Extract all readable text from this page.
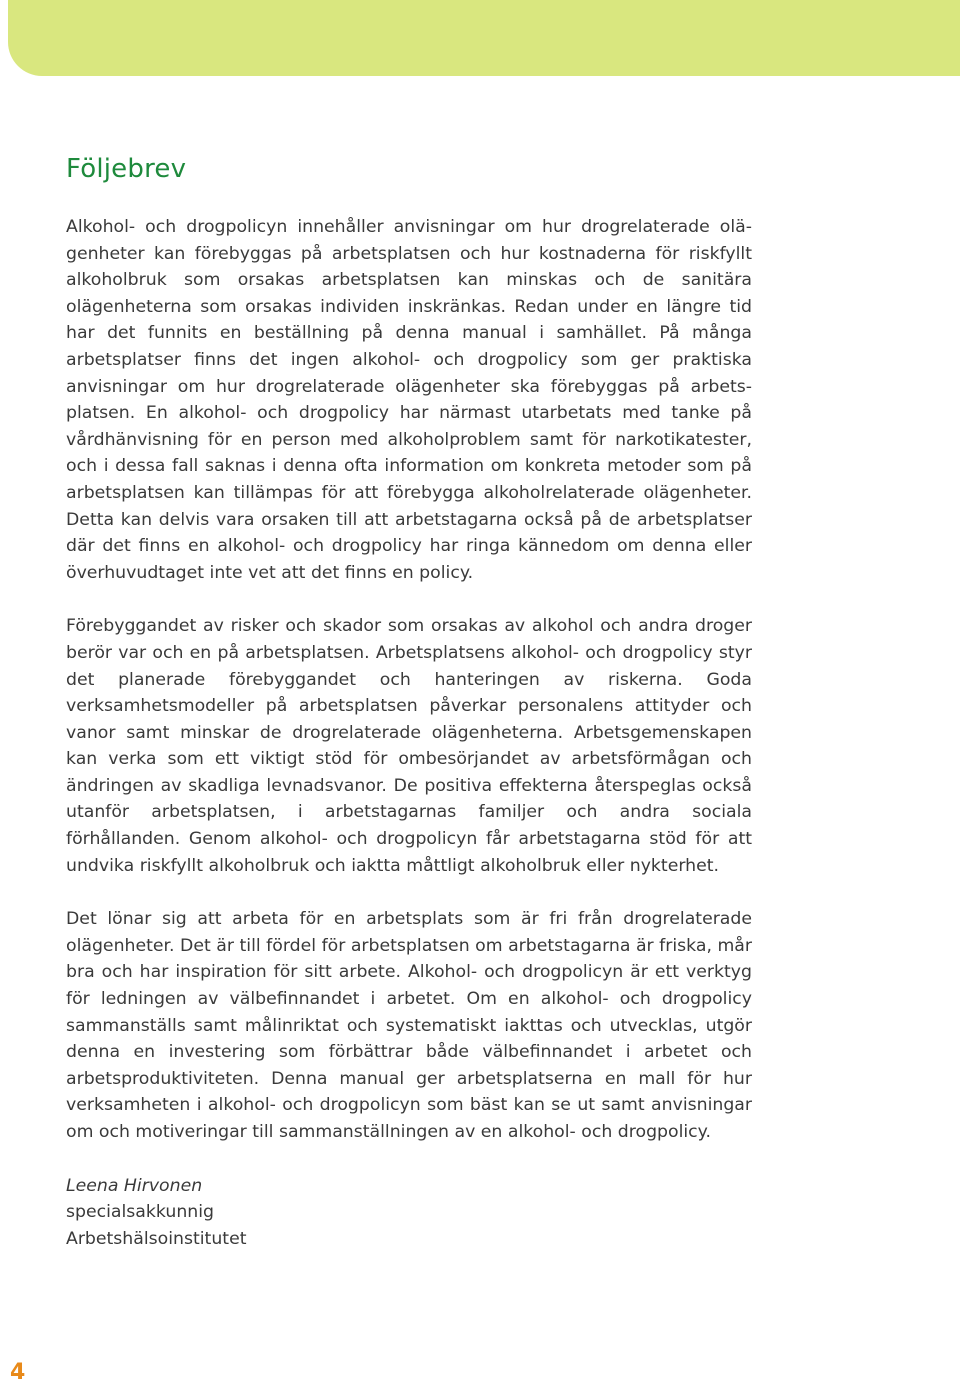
Följebrev

Alkohol- och drogpolicyn innehåller anvisningar om hur drogrelaterade olägenheter kan förebyggas på arbetsplatsen och hur kostnaderna för riskfyllt alkoholbruk som orsakas arbetsplatsen kan minskas och de sanitära olägenheterna som orsakas individen inskränkas. Redan under en längre tid har det funnits en beställning på denna manual i samhället. På många arbetsplatser finns det ingen alkohol- och drogpolicy som ger praktiska anvisningar om hur drogrelaterade olägenheter ska förebyggas på arbetsplatsen. En alkohol- och drogpolicy har närmast utarbetats med tanke på vårdhänvisning för en person med alkoholproblem samt för narkotikatester, och i dessa fall saknas i denna ofta information om konkreta metoder som på arbetsplatsen kan tillämpas för att förebygga alkoholrelaterade olägenheter. Detta kan delvis vara orsaken till att arbetstagarna också på de arbetsplatser där det finns en alkohol- och drogpolicy har ringa kännedom om denna eller överhuvudtaget inte vet att det finns en policy.

Förebyggandet av risker och skador som orsakas av alkohol och andra droger berör var och en på arbetsplatsen. Arbetsplatsens alkohol- och drogpolicy styr det planerade förebyggandet och hanteringen av riskerna. Goda verksamhetsmodeller på arbetsplatsen påverkar personalens attityder och vanor samt minskar de drogrelaterade olägenheterna. Arbetsgemenskapen kan verka som ett viktigt stöd för ombesörjandet av arbetsförmågan och ändringen av skadliga levnadsvanor. De positiva effekterna återspeglas också utanför arbetsplatsen, i arbetstagarnas familjer och andra sociala förhållanden. Genom alkohol- och drogpolicyn får arbetstagarna stöd för att undvika riskfyllt alkoholbruk och iaktta måttligt alkoholbruk eller nykterhet.

Det lönar sig att arbeta för en arbetsplats som är fri från drogrelaterade olägenheter. Det är till fördel för arbetsplatsen om arbetstagarna är friska, mår bra och har inspiration för sitt arbete. Alkohol- och drogpolicyn är ett verktyg för ledningen av välbefinnandet i arbetet. Om en alkohol- och drogpolicy sammanställs samt målinriktat och systematiskt iakttas och utvecklas, utgör denna en investering som förbättrar både välbefinnandet i arbetet och arbetsproduktiviteten. Denna manual ger arbetsplatserna en mall för hur verksamheten i alkohol- och drogpolicyn som bäst kan se ut samt anvisningar om och motiveringar till sammanställningen av en alkohol- och drogpolicy.

Leena Hirvonen
specialsakkunnig
Arbetshälsoinstitutet
4
